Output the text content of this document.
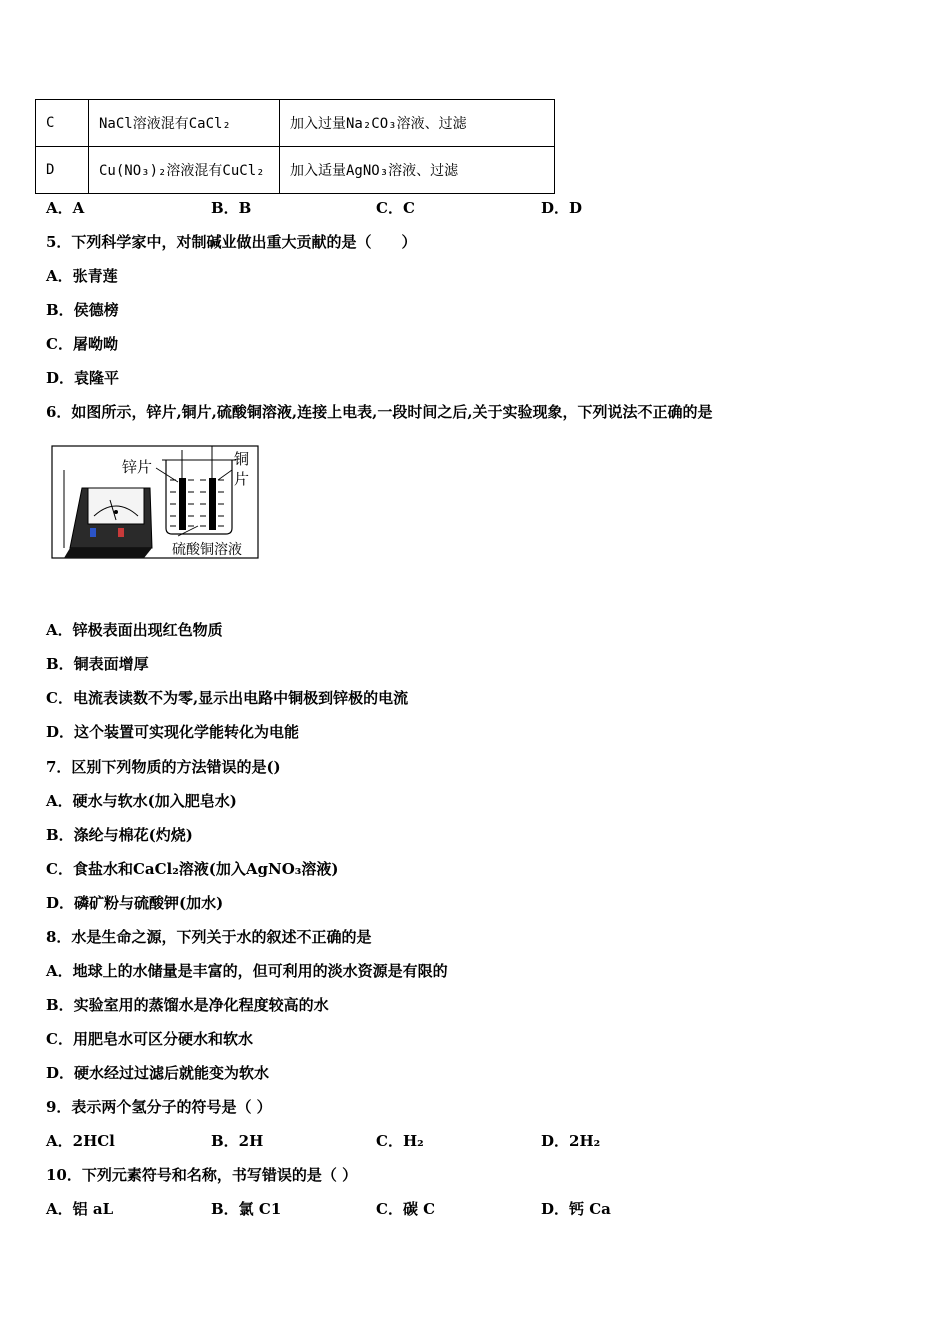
C	NaCl溶液混有CaCl₂	加入过量Na₂CO₃溶液、过滤
D	Cu(NO₃)₂溶液混有CuCl₂	加入适量AgNO₃溶液、过滤
A．A	B．B	C．C	D．D
5．下列科学家中，对制碱业做出重大贡献的是（　　）
A．张青莲
B．侯德榜
C．屠呦呦
D．袁隆平
6．如图所示，锌片,铜片,硫酸铜溶液,连接上电表,一段时间之后,关于实验现象，下列说法不正确的是
锌片	铜
片
硫酸铜溶液
A．锌极表面出现红色物质
B．铜表面增厚
C．电流表读数不为零,显示出电路中铜极到锌极的电流
D．这个装置可实现化学能转化为电能
7．区别下列物质的方法错误的是()
A．硬水与软水(加入肥皂水)
B．涤纶与棉花(灼烧)
C．食盐水和CaCl₂溶液(加入AgNO₃溶液)
D．磷矿粉与硫酸钾(加水)
8．水是生命之源，下列关于水的叙述不正确的是
A．地球上的水储量是丰富的，但可利用的淡水资源是有限的
B．实验室用的蒸馏水是净化程度较高的水
C．用肥皂水可区分硬水和软水
D．硬水经过过滤后就能变为软水
9．表示两个氢分子的符号是（ ）
A．2HCl	B．2H	C．H₂	D．2H₂
10．下列元素符号和名称，书写错误的是（ ）
A．铝 aL	B．氯 C1	C．碳 C	D．钙 Ca
